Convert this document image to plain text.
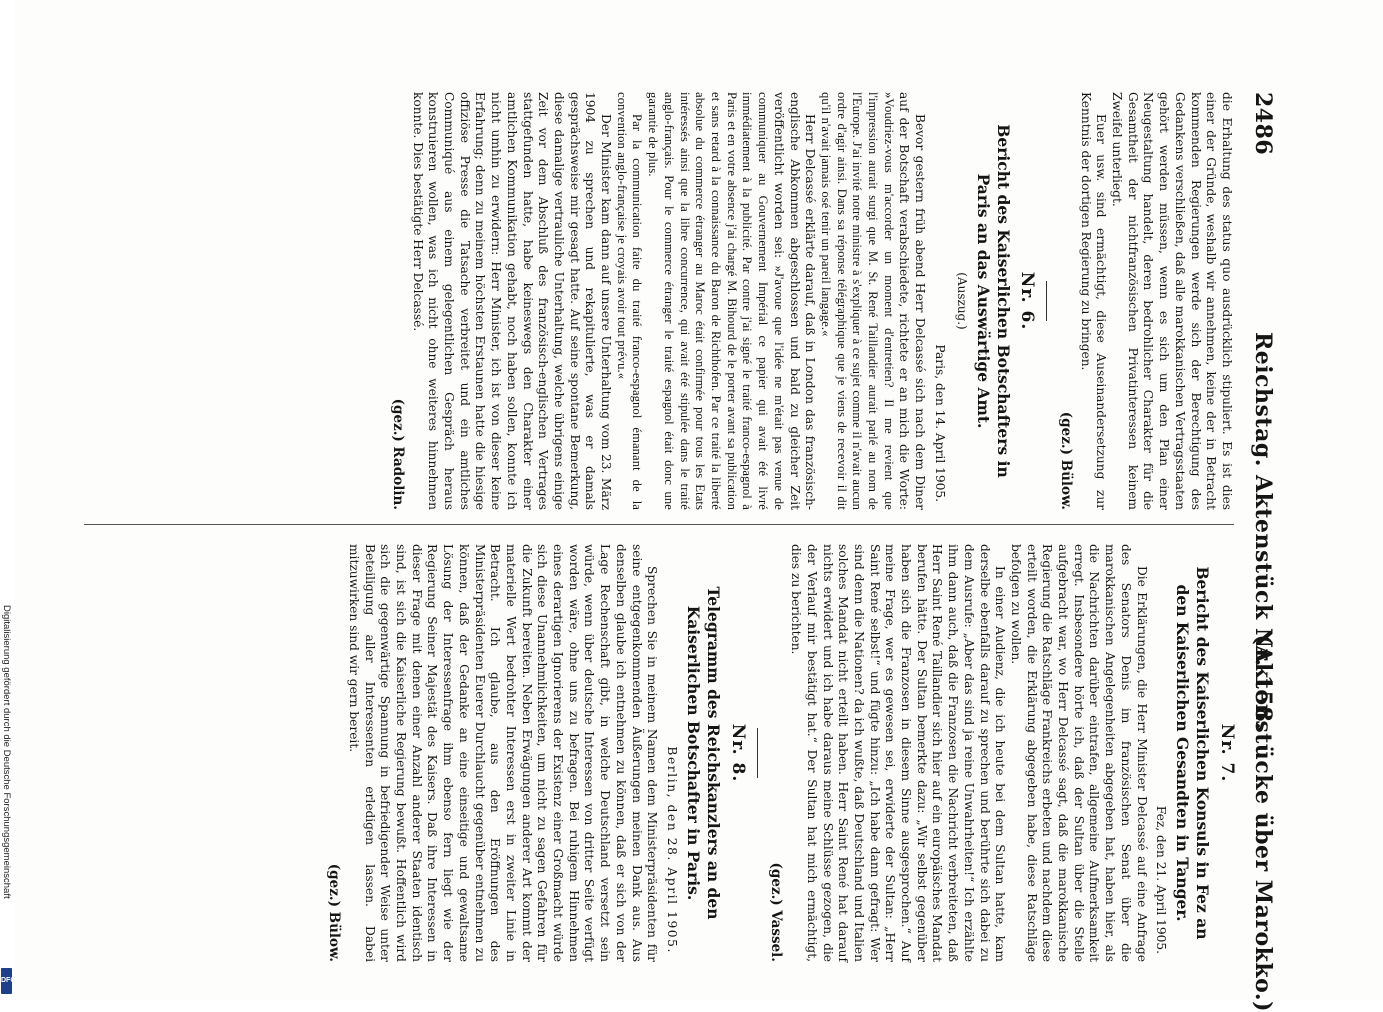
Digitalisierung gefördert durch die Deutsche Forschungsgemeinschaft
DFG
2486
Reichstag. Aktenstück Nr. 158.
(Aktenstücke über Marokko.)

die Erhaltung des status quo ausdrücklich stipuliert. Es ist dies einer der Gründe, weshalb wir annehmen, keine der in Betracht kommenden Regierungen werde sich der Berechtigung des Gedankens verschließen, daß alle marokkanischen Vertragsstaaten gehört werden müssen, wenn es sich um den Plan einer Neugestaltung handelt, deren bedrohlicher Charakter für die Gesamtheit der nichtfranzösischen Privatinteressen keinem Zweifel unterliegt.

Euer usw. sind ermächtigt, diese Auseinandersetzung zur Kenntnis der dortigen Regierung zu bringen.

(gez.) Bülow.

Nr. 6.

Bericht des Kaiserlichen Botschafters in Paris an das Auswärtige Amt.

(Auszug.)

Paris, den 14. April 1905.

Bevor gestern früh abend Herr Delcassé sich nach dem Diner auf der Botschaft verabschiedete, richtete er an mich die Worte: »Voudriez-vous m'accorder un moment d'entretien? Il me revient que l'impression aurait surgi que M. St. René Taillandier aurait parlé au nom de l'Europe. J'ai invité notre ministre à s'expliquer à ce sujet comme il n'avait aucun ordre d'agir ainsi. Dans sa réponse télégraphique que je viens de recevoir il dit qu'il n'avait jamais osé tenir un pareil langage.«

Herr Delcassé erklärte darauf, daß in London das französisch-englische Abkommen abgeschlossen und bald zu gleicher Zeit veröffentlicht worden sei: »J'avoue que l'idée ne m'était pas venue de communiquer au Gouvernement Impérial ce papier qui avait été livré immédiatement à la publicité. Par contre j'ai signé le traité franco-espagnol à Paris et en votre absence j'ai chargé M. Bihourd de le porter avant sa publication et sans retard à la connaissance du Baron de Richthofen. Par ce traité la liberté absolue du commerce étranger au Maroc était confirmée pour tous les Etats intéressés ainsi que la libre concurrence, qui avait été stipulée dans le traité anglo-français. Pour le commerce étranger le traité espagnol était donc une garantie de plus.

Par la communication faite du traité franco-espagnol émanant de la convention anglo-française je croyais avoir tout prévu.«

Der Minister kam dann auf unsere Unterhaltung vom 23. März 1904 zu sprechen und rekapitulierte, was er damals gesprächsweise mir gesagt hatte. Auf seine spontane Bemerkung, diese damalige vertrauliche Unterhaltung, welche übrigens einige Zeit vor dem Abschluß des französisch-englischen Vertrages stattgefunden hatte, habe keineswegs den Charakter einer amtlichen Kommunikation gehabt, noch haben sollen, konnte ich nicht umhin zu erwidern: Herr Minister, ich ist von dieser keine Erfahrung; denn zu meinem höchsten Erstaunen hatte die hiesige offiziöse Presse die Tatsache verbreitet und ein amtliches Communiqué aus einem gelegentlichen Gespräch heraus konstruieren wollen, was ich nicht ohne weiteres hinnehmen konnte. Dies bestätigte Herr Delcassé.

(gez.) Radolin.

Nr. 7.

Bericht des Kaiserlichen Konsuls in Fez an den Kaiserlichen Gesandten in Tanger.

Fez, den 21. April 1905.

Die Erklärungen, die Herr Minister Delcassé auf eine Anfrage des Senators Denis im französischen Senat über die marokkanischen Angelegenheiten abgegeben hat, haben hier, als die Nachrichten darüber eintrafen, allgemeine Aufmerksamkeit erregt. Insbesondere hörte ich, daß der Sultan über die Stelle aufgebracht war, wo Herr Delcassé sagt, daß die marokkanische Regierung die Ratschläge Frankreichs erbeten und nachdem diese erteilt worden, die Erklärung abgegeben habe, diese Ratschläge befolgen zu wollen.

In einer Audienz, die ich heute bei dem Sultan hatte, kam derselbe ebenfalls darauf zu sprechen und berührte sich dabei zu dem Ausrufe: „Aber das sind ja reine Unwahrheiten!“ Ich erzählte ihm dann auch, daß die Franzosen die Nachricht verbreiteten, daß Herr Saint René Taillandier sich hier auf ein europäisches Mandat berufen hätte. Der Sultan bemerkte dazu: „Wir selbst gegenüber haben sich die Franzosen in diesem Sinne ausgesprochen.“ Auf meine Frage, wer es gewesen sei, erwiderte der Sultan: „Herr Saint René selbst!“ und fügte hinzu: „Ich habe dann gefragt: Wer sind denn die Nationen? da ich wußte, daß Deutschland und Italien solches Mandat nicht erteilt haben. Herr Saint René hat darauf nichts erwidert und ich habe daraus meine Schlüsse gezogen, die der Verlauf mir bestätigt hat.“ Der Sultan hat mich ermächtigt, dies zu berichten.

(gez.) Vassel.

Nr. 8.

Telegramm des Reichskanzlers an den Kaiserlichen Botschafter in Paris.

Berlin, den 28. April 1905.

Sprechen Sie in meinem Namen dem Ministerpräsidenten für seine entgegenkommenden Äußerungen meinen Dank aus. Aus denselben glaube ich entnehmen zu können, daß er sich von der Lage Rechenschaft gibt, in welche Deutschland versetzt sein würde, wenn über deutsche Interessen von dritter Seite verfügt worden wäre, ohne uns zu befragen. Bei ruhigem Hinnehmen eines derartigen Ignorierens der Existenz einer Großmacht würde sich diese Unannehmlichkeiten, um nicht zu sagen Gefahren für die Zukunft bereiten. Neben Erwägungen anderer Art kommt der materielle Wert bedrohter Interessen erst in zweiter Linie in Betracht. Ich glaube, aus den Eröffnungen des Ministerpräsidenten Euerer Durchlaucht gegenüber entnehmen zu können, daß der Gedanke an eine einseitige und gewaltsame Lösung der Interessenfrage ihm ebenso fern liegt wie der Regierung Seiner Majestät des Kaisers. Daß ihre Interessen in dieser Frage mit denen einer Anzahl anderer Staaten identisch sind, ist sich die Kaiserliche Regierung bewußt. Hoffentlich wird sich die gegenwärtige Spannung in befriedigender Weise unter Beteiligung aller Interessenten erledigen lassen. Dabei mitzuwirken sind wir gern bereit.

(gez.) Bülow.
